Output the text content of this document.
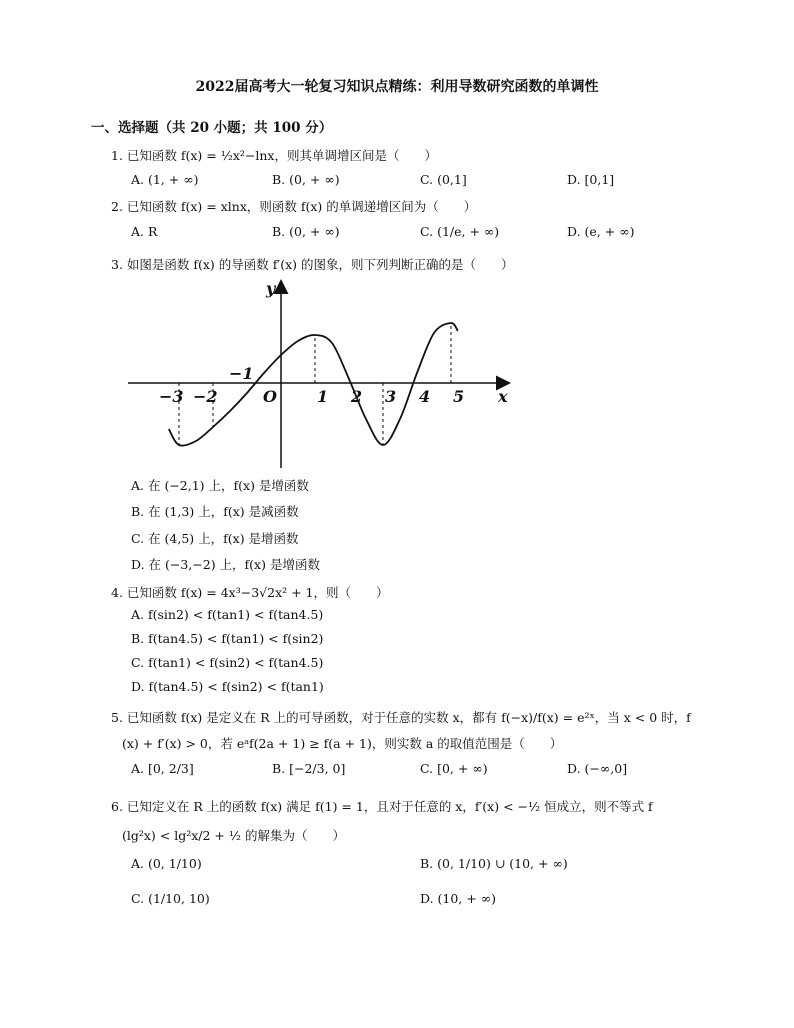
2022届高考大一轮复习知识点精练：利用导数研究函数的单调性
一、选择题（共 20 小题；共 100 分）
1. 已知函数 f(x) = ½x²−lnx，则其单调增区间是（　　）
A. (1, + ∞)	B. (0, + ∞)	C. (0,1]	D. [0,1]
2. 已知函数 f(x) = xlnx，则函数 f(x) 的单调递增区间为（　　）
A. R	B. (0, + ∞)	C. (1/e, + ∞)	D. (e, + ∞)
3. 如图是函数 f(x) 的导函数 f′(x) 的图象，则下列判断正确的是（　　）
y
x
O
−1
−3 −2	1 2 3 4 5
A. 在 (−2,1) 上，f(x) 是增函数
B. 在 (1,3) 上，f(x) 是减函数
C. 在 (4,5) 上，f(x) 是增函数
D. 在 (−3,−2) 上，f(x) 是增函数
4. 已知函数 f(x) = 4x³−3√2x² + 1，则（　　）
A. f(sin2) < f(tan1) < f(tan4.5)
B. f(tan4.5) < f(tan1) < f(sin2)
C. f(tan1) < f(sin2) < f(tan4.5)
D. f(tan4.5) < f(sin2) < f(tan1)
5. 已知函数 f(x) 是定义在 R 上的可导函数，对于任意的实数 x，都有 f(−x)/f(x) = e²ˣ，当 x < 0 时，f
(x) + f′(x) > 0，若 eᵃf(2a + 1) ≥ f(a + 1)，则实数 a 的取值范围是（　　）
A. [0, 2/3]	B. [−2/3, 0]	C. [0, + ∞)	D. (−∞,0]
6. 已知定义在 R 上的函数 f(x) 满足 f(1) = 1，且对于任意的 x，f′(x) < −½ 恒成立，则不等式 f
(lg²x) < lg²x/2 + ½ 的解集为（　　）
A. (0, 1/10)	B. (0, 1/10) ∪ (10, + ∞)
C. (1/10, 10)	D. (10, + ∞)
